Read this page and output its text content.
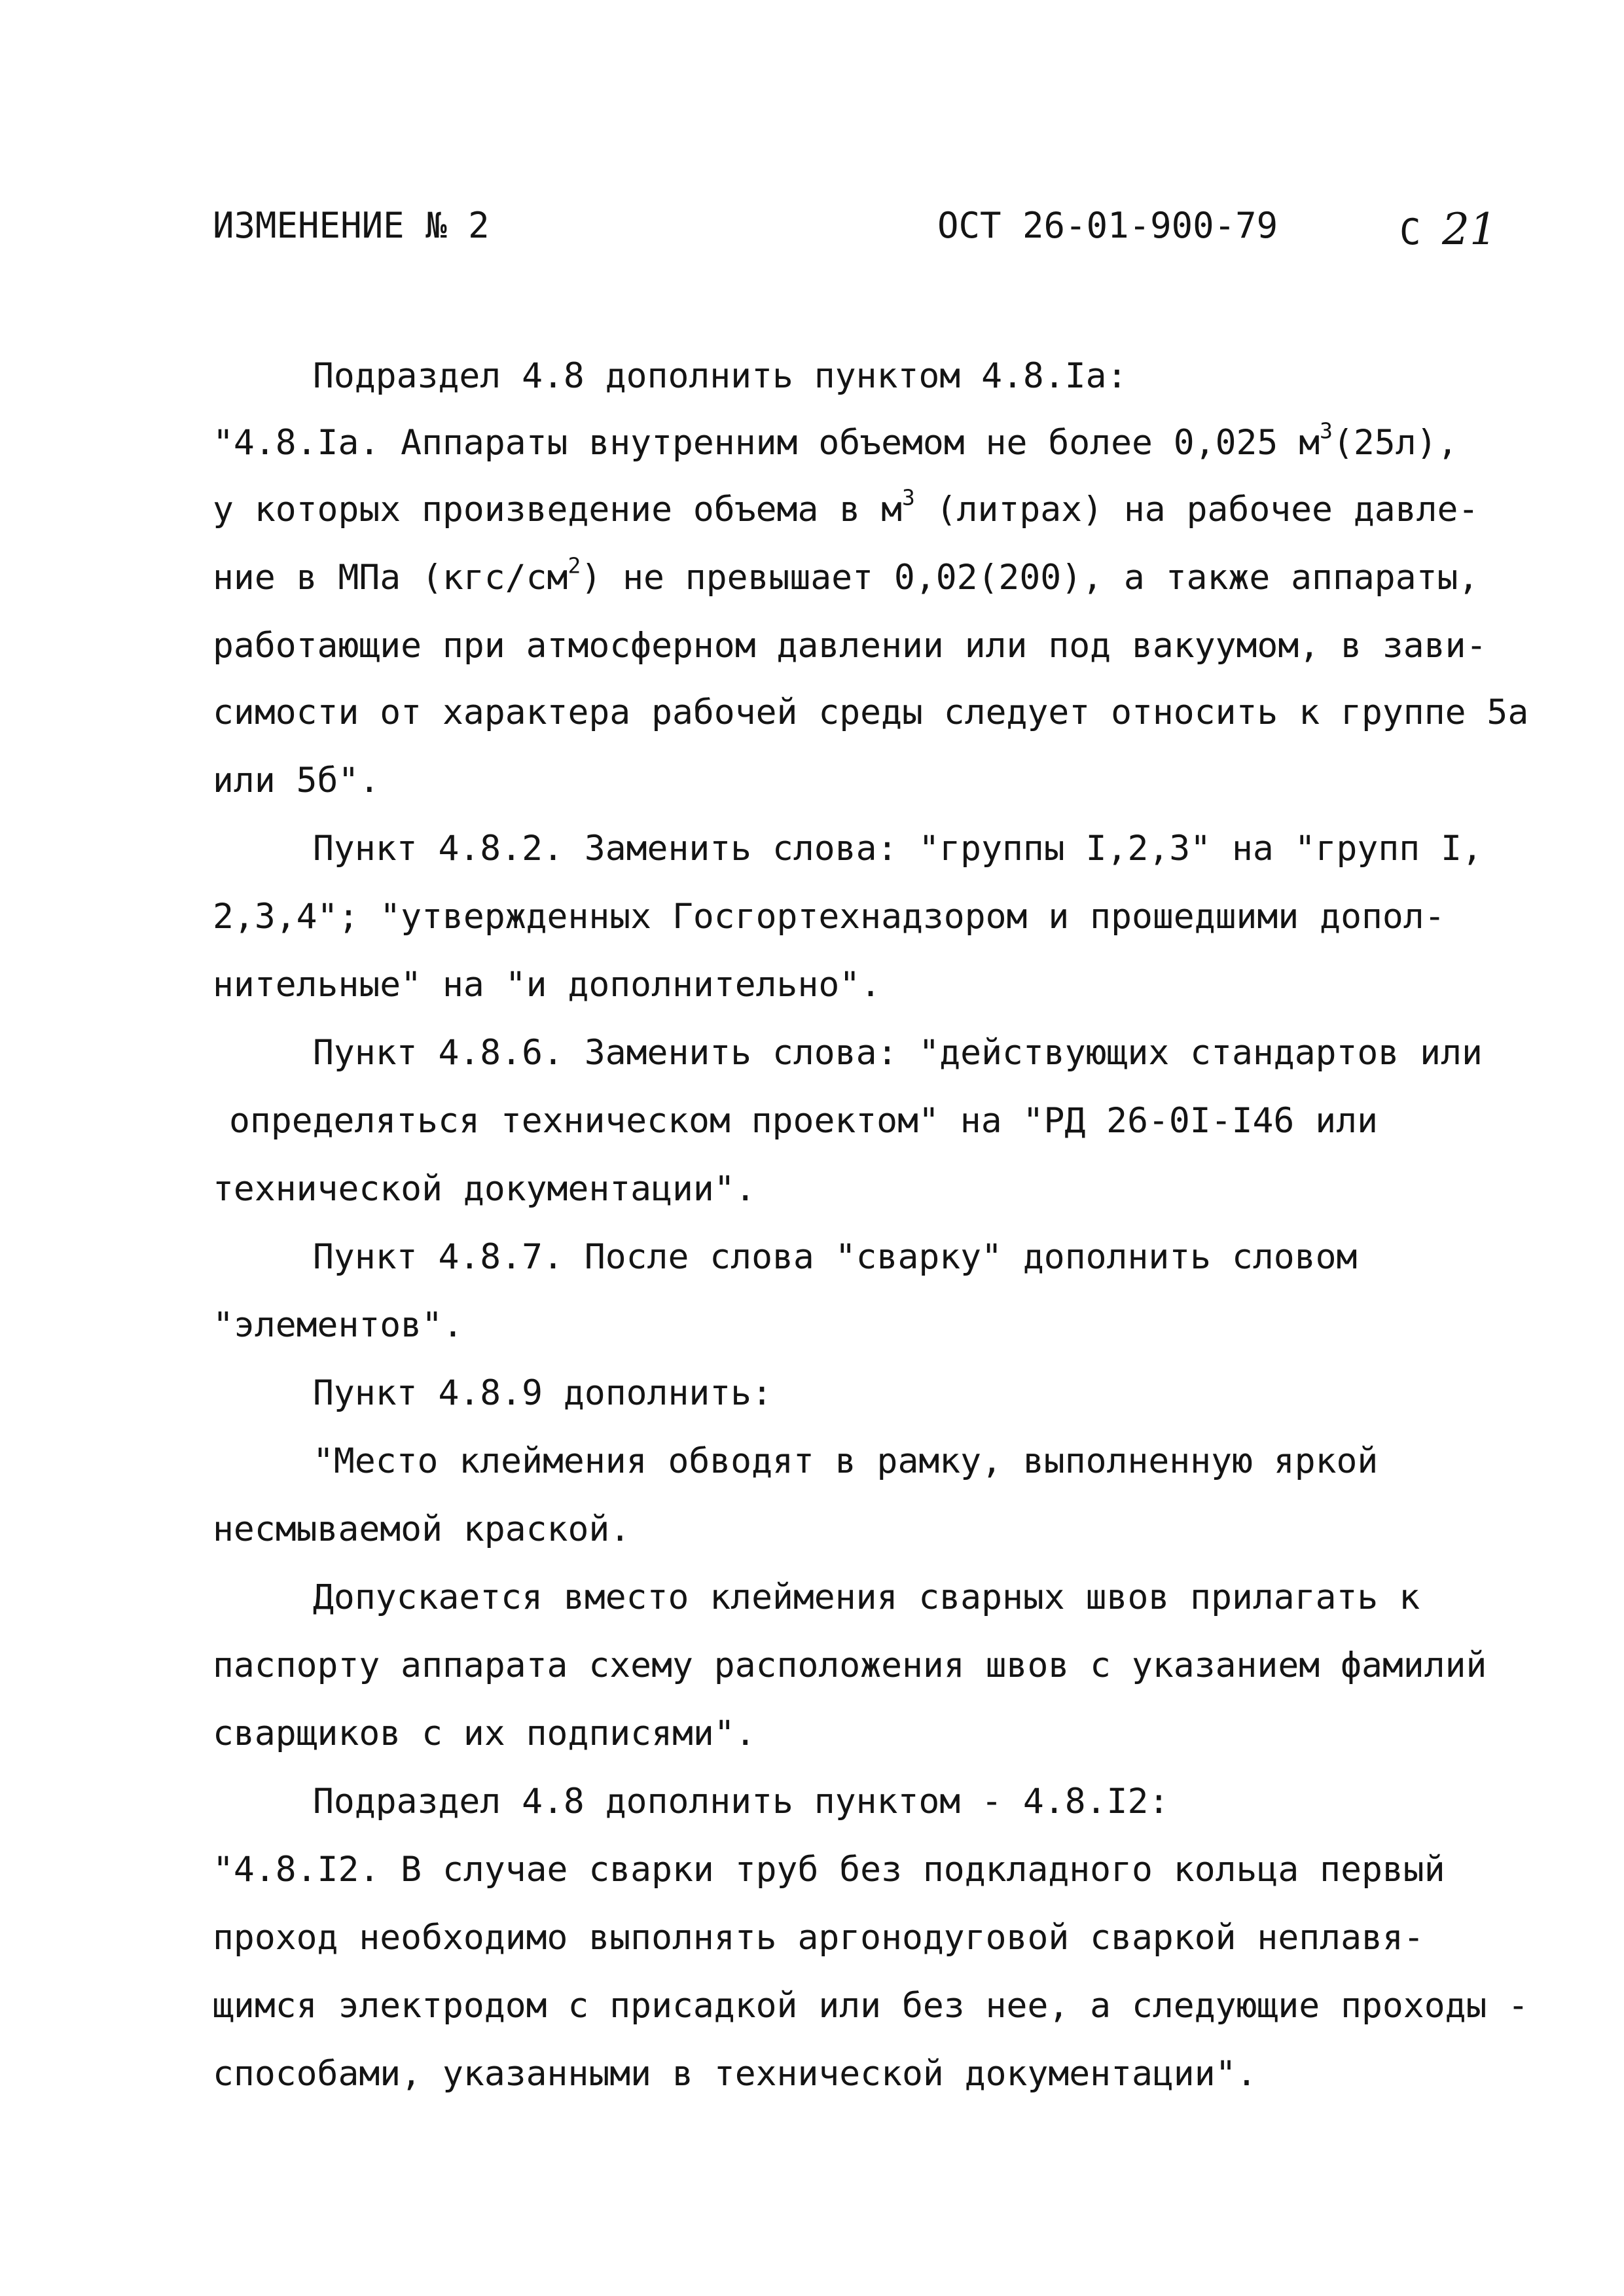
ИЗМЕНЕНИЕ № 2	ОСТ 26-01-900-79	С 21
Подраздел 4.8 дополнить пунктом 4.8.Iа:
"4.8.Iа. Аппараты внутренним объемом не более 0,025 $м^3(25л)$,
у которых произведение объема в $м^3$ (литрах) на рабочее давле-
ние в МПа $(кгс/см^2)$ не превышает 0,02(200), а также аппараты,
работающие при атмосферном давлении или под вакуумом, в зави-
симости от характера рабочей среды следует относить к группе 5а
или 5б".
Пункт 4.8.2. Заменить слова: "группы I,2,3" на "групп I,
2,3,4"; "утвержденных Госгортехнадзором и прошедшими допол-
нительные" на "и дополнительно".
Пункт 4.8.6. Заменить слова: "действующих стандартов или
определяться техническом проектом" на "РД 26-0I-I46 или
технической документации".
Пункт 4.8.7. После слова "сварку" дополнить словом
"элементов".
Пункт 4.8.9 дополнить:
"Место клеймения обводят в рамку, выполненную яркой
несмываемой краской.
Допускается вместо клеймения сварных швов прилагать к
паспорту аппарата схему расположения швов с указанием фамилий
сварщиков с их подписями".
Подраздел 4.8 дополнить пунктом - 4.8.I2:
"4.8.I2. В случае сварки труб без подкладного кольца первый
проход необходимо выполнять аргонодуговой сваркой неплавя-
щимся электродом с присадкой или без нее, а следующие проходы -
способами, указанными в технической документации".
